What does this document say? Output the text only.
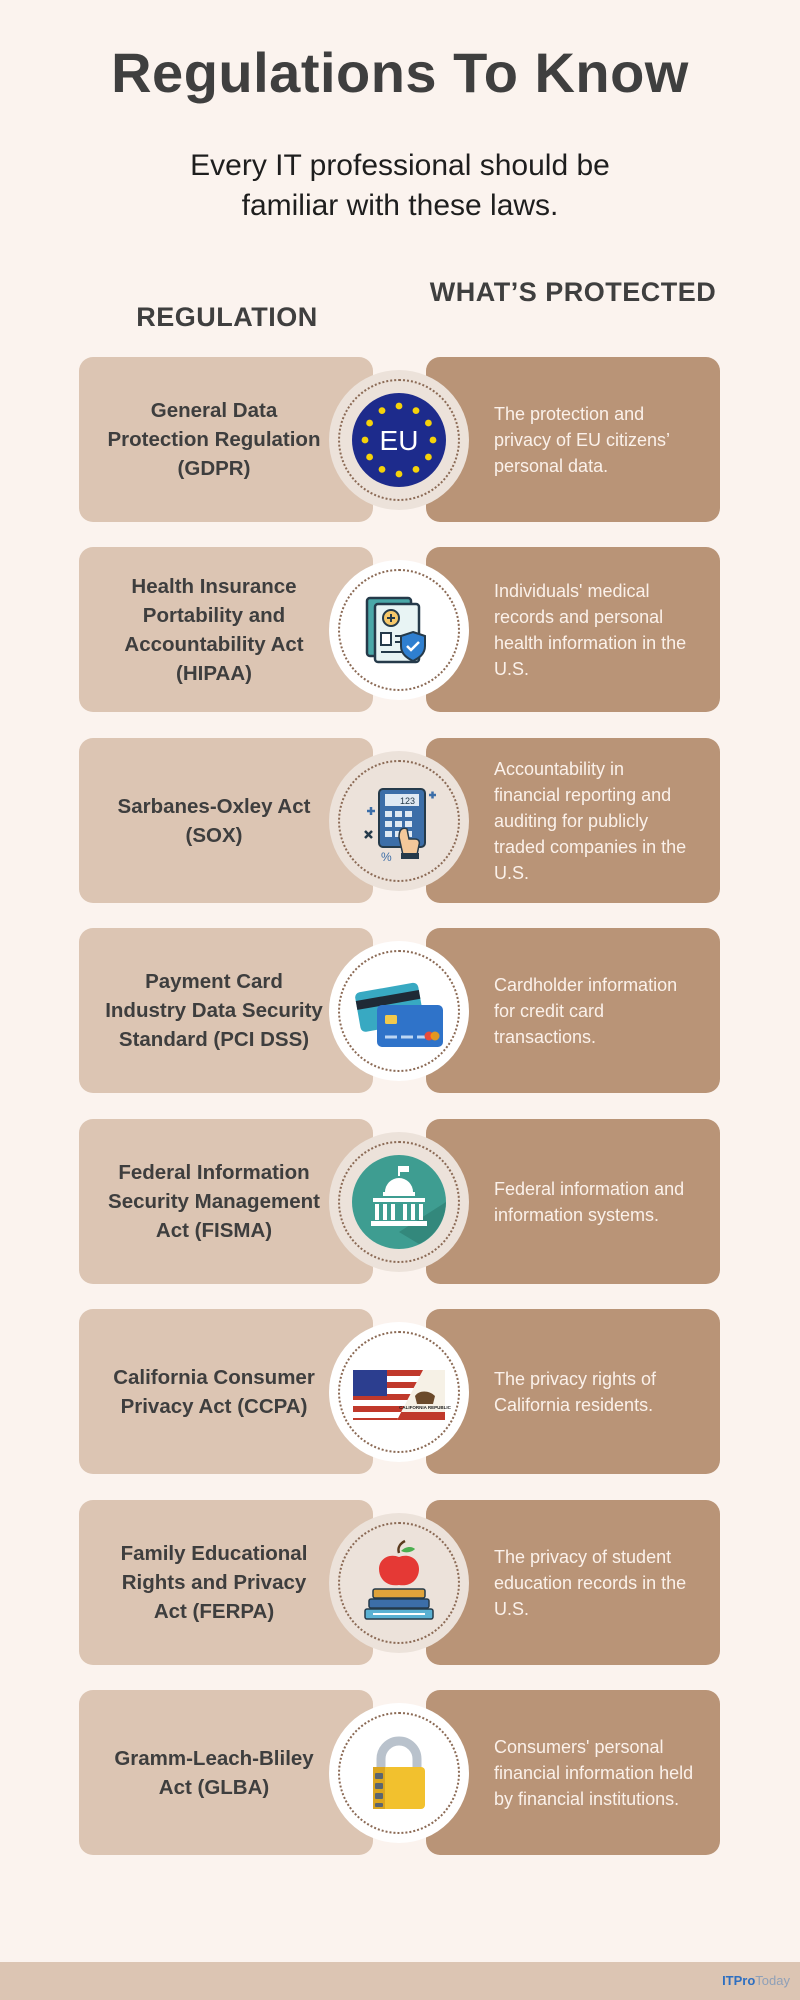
Regulations To Know
Every IT professional should be familiar with these laws.
REGULATION
WHAT’S PROTECTED
General Data Protection Regulation (GDPR)
The protection and privacy of EU citizens’ personal data.
EU
Health Insurance Portability and Accountability Act (HIPAA)
Individuals' medical records and personal health information in the U.S.
Sarbanes-Oxley Act (SOX)
Accountability in financial reporting and auditing for publicly traded companies in the U.S.
123
%
Payment Card Industry Data Security Standard (PCI DSS)
Cardholder information for credit card transactions.
Federal Information Security Management Act (FISMA)
Federal information and information systems.
California Consumer Privacy Act (CCPA)
The privacy rights of California residents.
CALIFORNIA REPUBLIC
Family Educational Rights and Privacy Act (FERPA)
The privacy of student education records in the U.S.
Gramm-Leach-Bliley Act (GLBA)
Consumers' personal financial information held by financial institutions.
ITProToday
